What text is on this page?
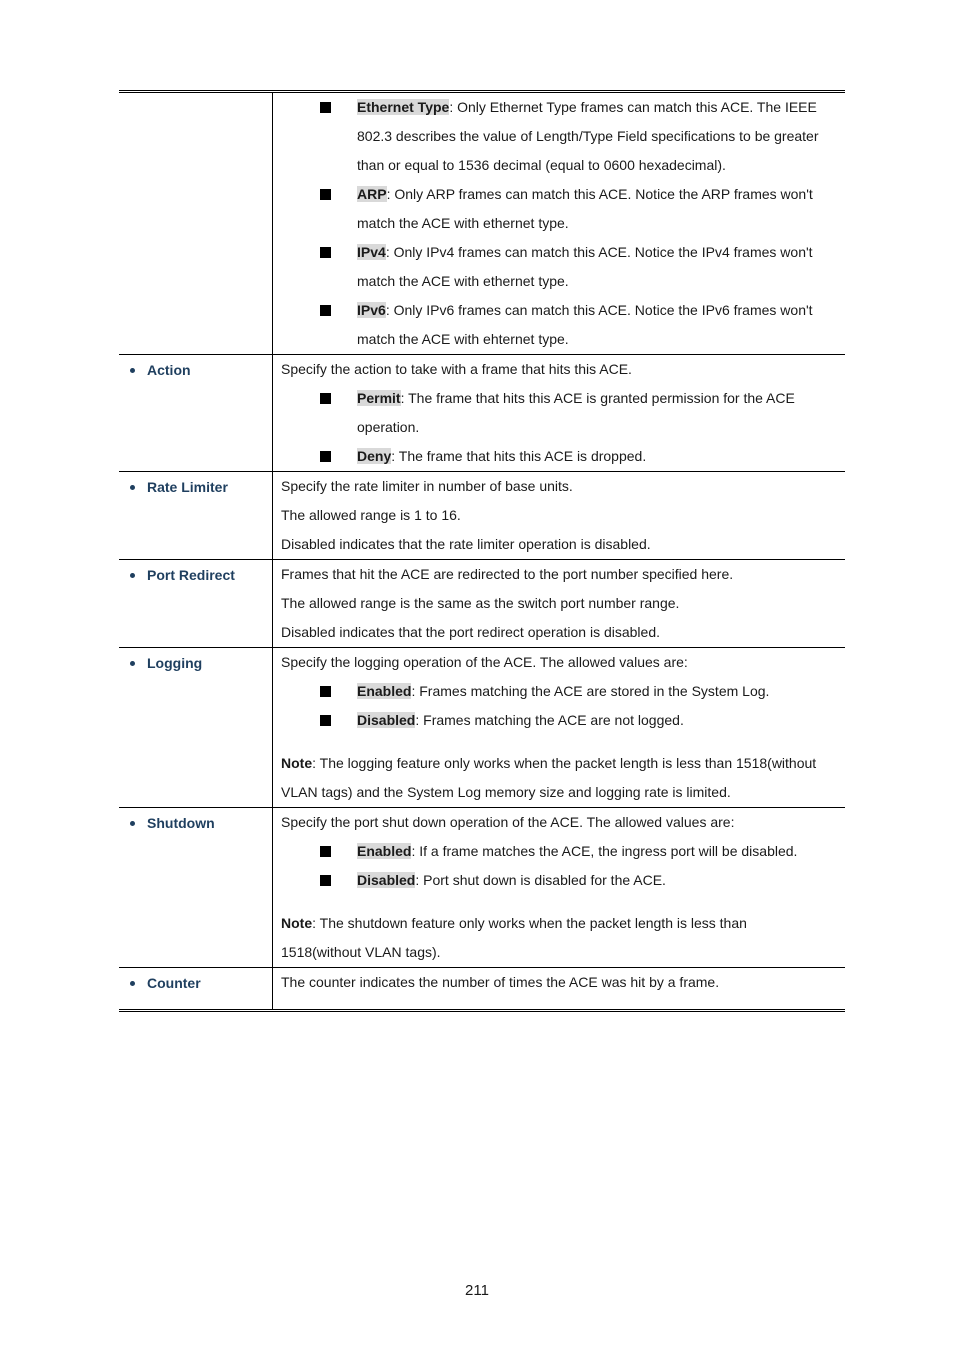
Ethernet Type: Only Ethernet Type frames can match this ACE. The IEEE
802.3 describes the value of Length/Type Field specifications to be greater
than or equal to 1536 decimal (equal to 0600 hexadecimal).
ARP: Only ARP frames can match this ACE. Notice the ARP frames won't
match the ACE with ethernet type.
IPv4: Only IPv4 frames can match this ACE. Notice the IPv4 frames won't
match the ACE with ethernet type.
IPv6: Only IPv6 frames can match this ACE. Notice the IPv6 frames won't
match the ACE with ehternet type.
Action	Specify the action to take with a frame that hits this ACE.
Permit: The frame that hits this ACE is granted permission for the ACE
operation.
Deny: The frame that hits this ACE is dropped.
Rate Limiter	Specify the rate limiter in number of base units.
The allowed range is 1 to 16.
Disabled indicates that the rate limiter operation is disabled.
Port Redirect	Frames that hit the ACE are redirected to the port number specified here.
The allowed range is the same as the switch port number range.
Disabled indicates that the port redirect operation is disabled.
Logging	Specify the logging operation of the ACE. The allowed values are:
Enabled: Frames matching the ACE are stored in the System Log.
Disabled: Frames matching the ACE are not logged.
Note: The logging feature only works when the packet length is less than 1518(without
VLAN tags) and the System Log memory size and logging rate is limited.
Shutdown	Specify the port shut down operation of the ACE. The allowed values are:
Enabled: If a frame matches the ACE, the ingress port will be disabled.
Disabled: Port shut down is disabled for the ACE.
Note: The shutdown feature only works when the packet length is less than
1518(without VLAN tags).
Counter	The counter indicates the number of times the ACE was hit by a frame.
211
